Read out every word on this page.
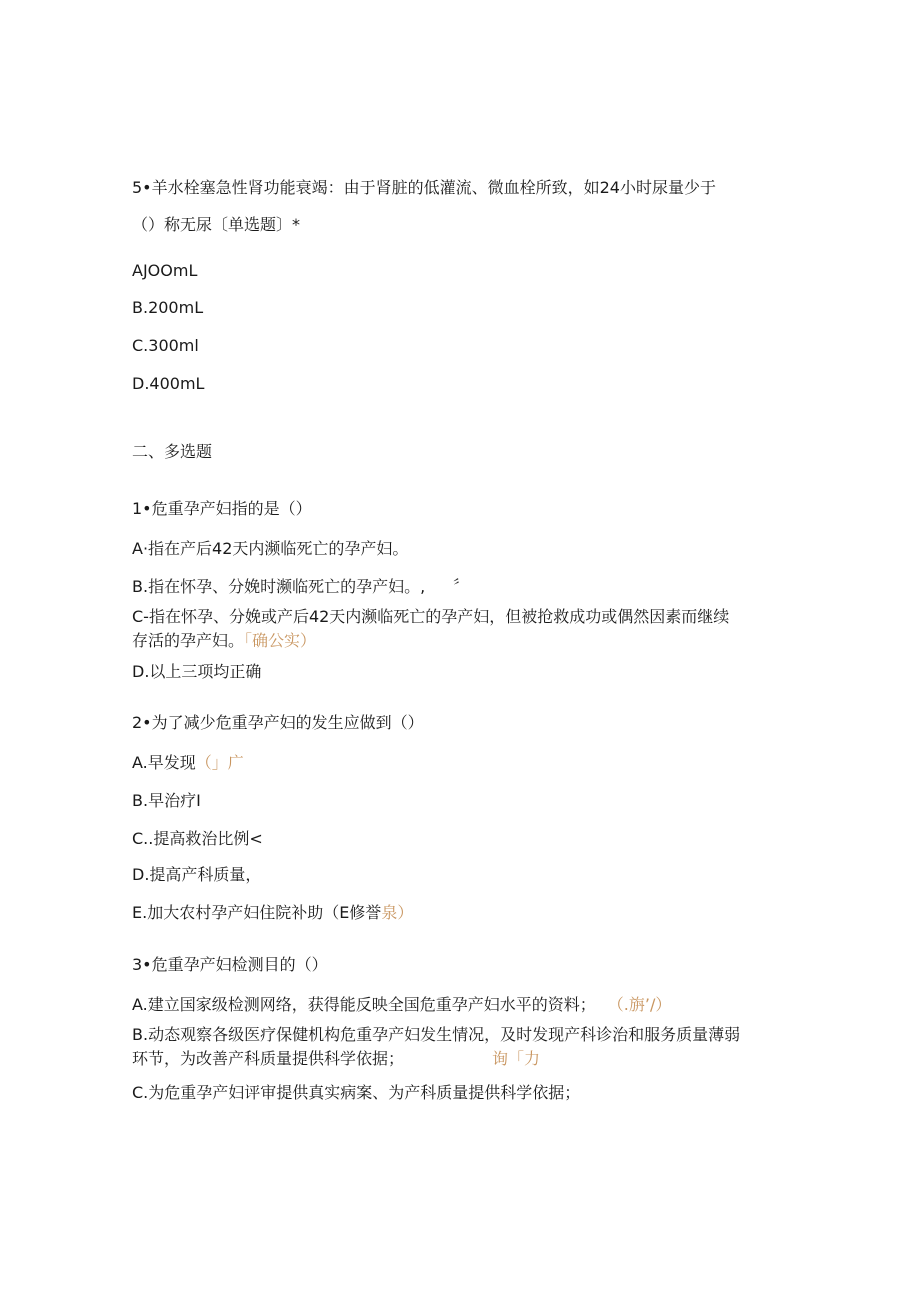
5•羊水栓塞急性肾功能衰竭：由于肾脏的低灌流、微血栓所致，如24小时尿量少于
（）称无尿〔单选题〕*
AJOOmL
B.200mL
C.300ml
D.400mL
二、多选题
1•危重孕产妇指的是（）
A·指在产后42天内濒临死亡的孕产妇。
B.指在怀孕、分娩时濒临死亡的孕产妇。, 〞
C-指在怀孕、分娩或产后42天内濒临死亡的孕产妇，但被抢救成功或偶然因素而继续
存活的孕产妇。「确公实）
D.以上三项均正确
2•为了减少危重孕产妇的发生应做到（）
A.早发现（」广
B.早治疗I
C..提高救治比例<
D.提高产科质量，
E.加大农村孕产妇住院补助（E修誉泉）
3•危重孕产妇检测目的（）
A.建立国家级检测网络，获得能反映全国危重孕产妇水平的资料； （.旃’/）
B.动态观察各级医疗保健机构危重孕产妇发生情况，及时发现产科诊治和服务质量薄弱
环节，为改善产科质量提供科学依据；	询「力
C.为危重孕产妇评审提供真实病案、为产科质量提供科学依据；
